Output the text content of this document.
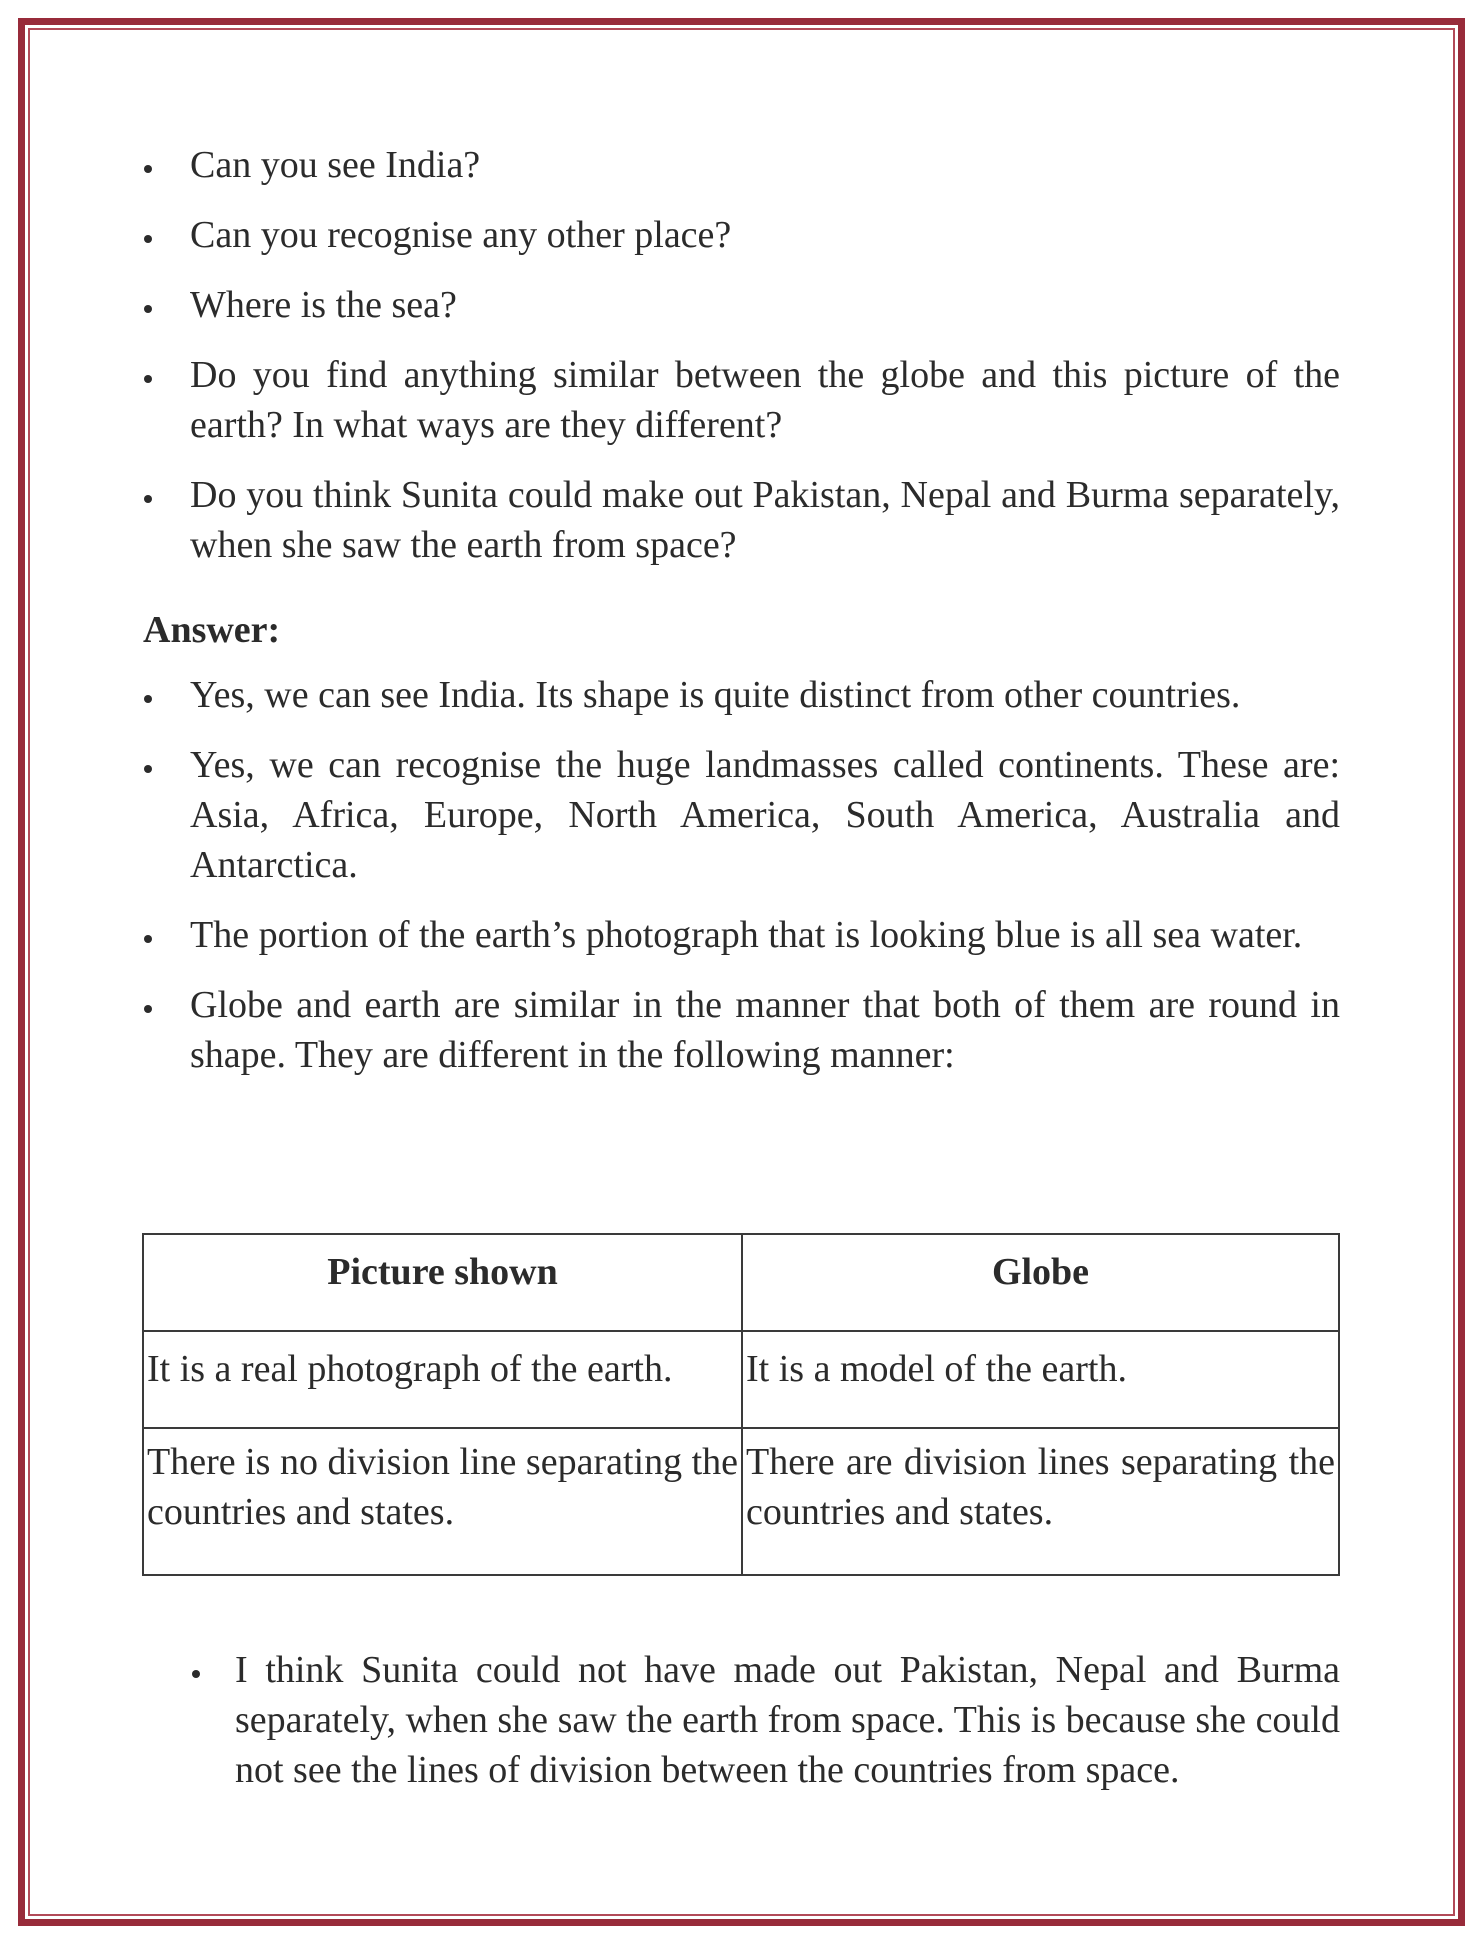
Can you see India?
Can you recognise any other place?
Where is the sea?
Do you find anything similar between the globe and this picture of the earth? In what ways are they different?
Do you think Sunita could make out Pakistan, Nepal and Burma separately, when she saw the earth from space?
Answer:
Yes, we can see India. Its shape is quite distinct from other countries.
Yes, we can recognise the huge landmasses called continents. These are: Asia, Africa, Europe, North America, South America, Australia and Antarctica.
The portion of the earth’s photograph that is looking blue is all sea water.
Globe and earth are similar in the manner that both of them are round in shape. They are different in the following manner:
Picture shown	Globe
It is a real photograph of the earth.	It is a model of the earth.
There is no division line separating the countries and states.	There are division lines separating the countries and states.
I think Sunita could not have made out Pakistan, Nepal and Burma separately, when she saw the earth from space. This is because she could not see the lines of division between the countries from space.
